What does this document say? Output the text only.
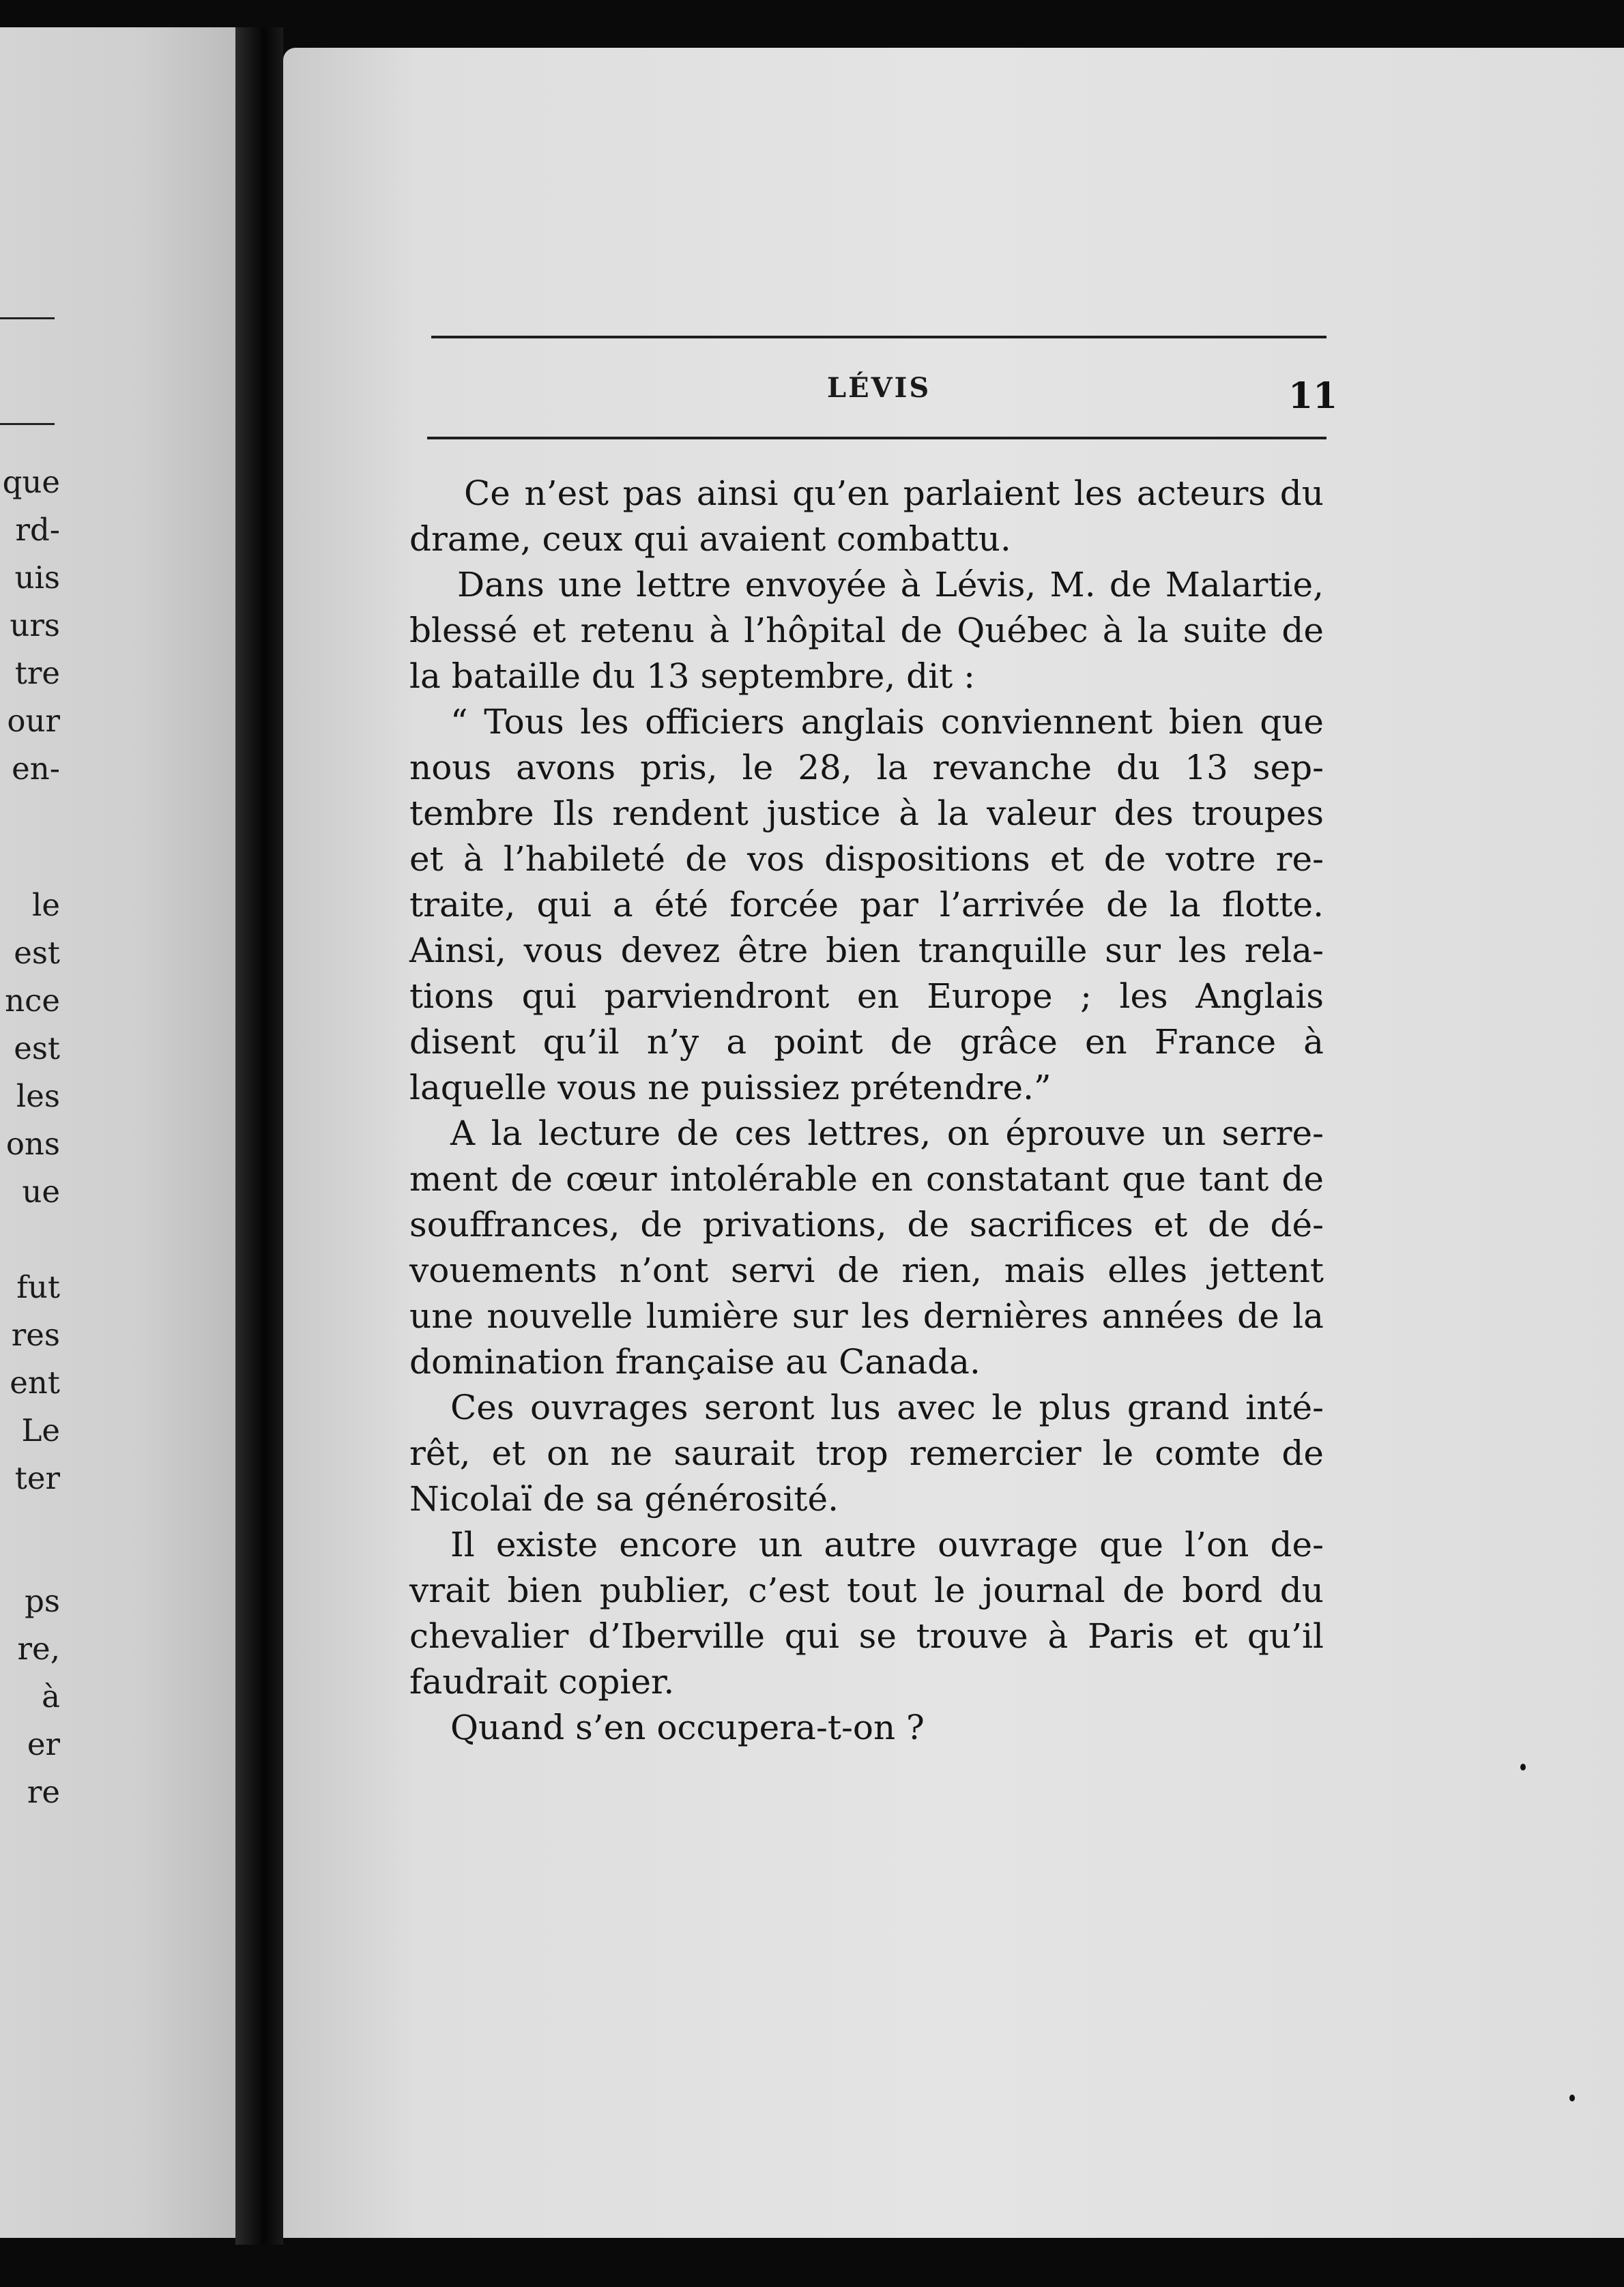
que
rd-
uis
urs
tre
our
en-
le
est
nce
est
les
ons
ue
fut
res
ent
Le
ter
ps
re,
à
er
re
LÉVIS	11
Ce n’est pas ainsi qu’en parlaient les acteurs du
drame, ceux qui avaient combattu.
Dans une lettre envoyée à Lévis, M. de Malartie,
blessé et retenu à l’hôpital de Québec à la suite de
la bataille du 13 septembre, dit :
“ Tous les officiers anglais conviennent bien que
nous avons pris, le 28, la revanche du 13 sep-
tembre Ils rendent justice à la valeur des troupes
et à l’habileté de vos dispositions et de votre re-
traite, qui a été forcée par l’arrivée de la flotte.
Ainsi, vous devez être bien tranquille sur les rela-
tions qui parviendront en Europe ; les Anglais
disent qu’il n’y a point de grâce en France à
laquelle vous ne puissiez prétendre.”
A la lecture de ces lettres, on éprouve un serre-
ment de cœur intolérable en constatant que tant de
souffrances, de privations, de sacrifices et de dé-
vouements n’ont servi de rien, mais elles jettent
une nouvelle lumière sur les dernières années de la
domination française au Canada.
Ces ouvrages seront lus avec le plus grand inté-
rêt, et on ne saurait trop remercier le comte de
Nicolaï de sa générosité.
Il existe encore un autre ouvrage que l’on de-
vrait bien publier, c’est tout le journal de bord du
chevalier d’Iberville qui se trouve à Paris et qu’il
faudrait copier.
Quand s’en occupera-t-on ?
